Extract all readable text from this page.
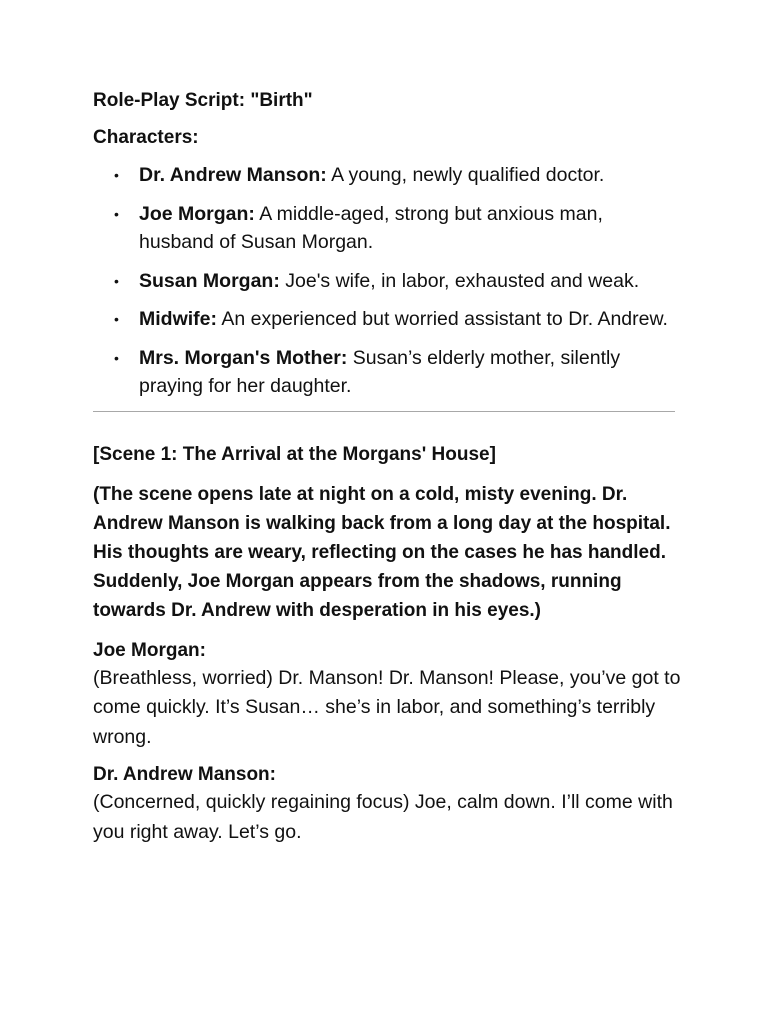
Role-Play Script: "Birth"
Characters:
• Dr. Andrew Manson: A young, newly qualified doctor.
• Joe Morgan: A middle-aged, strong but anxious man, husband of Susan Morgan.
• Susan Morgan: Joe's wife, in labor, exhausted and weak.
• Midwife: An experienced but worried assistant to Dr. Andrew.
• Mrs. Morgan's Mother: Susan’s elderly mother, silently praying for her daughter.
[Scene 1: The Arrival at the Morgans' House]
(The scene opens late at night on a cold, misty evening. Dr. Andrew Manson is walking back from a long day at the hospital. His thoughts are weary, reflecting on the cases he has handled. Suddenly, Joe Morgan appears from the shadows, running towards Dr. Andrew with desperation in his eyes.)
Joe Morgan:
(Breathless, worried) Dr. Manson! Dr. Manson! Please, you’ve got to come quickly. It’s Susan… she’s in labor, and something’s terribly wrong.
Dr. Andrew Manson:
(Concerned, quickly regaining focus) Joe, calm down. I’ll come with you right away. Let’s go.
